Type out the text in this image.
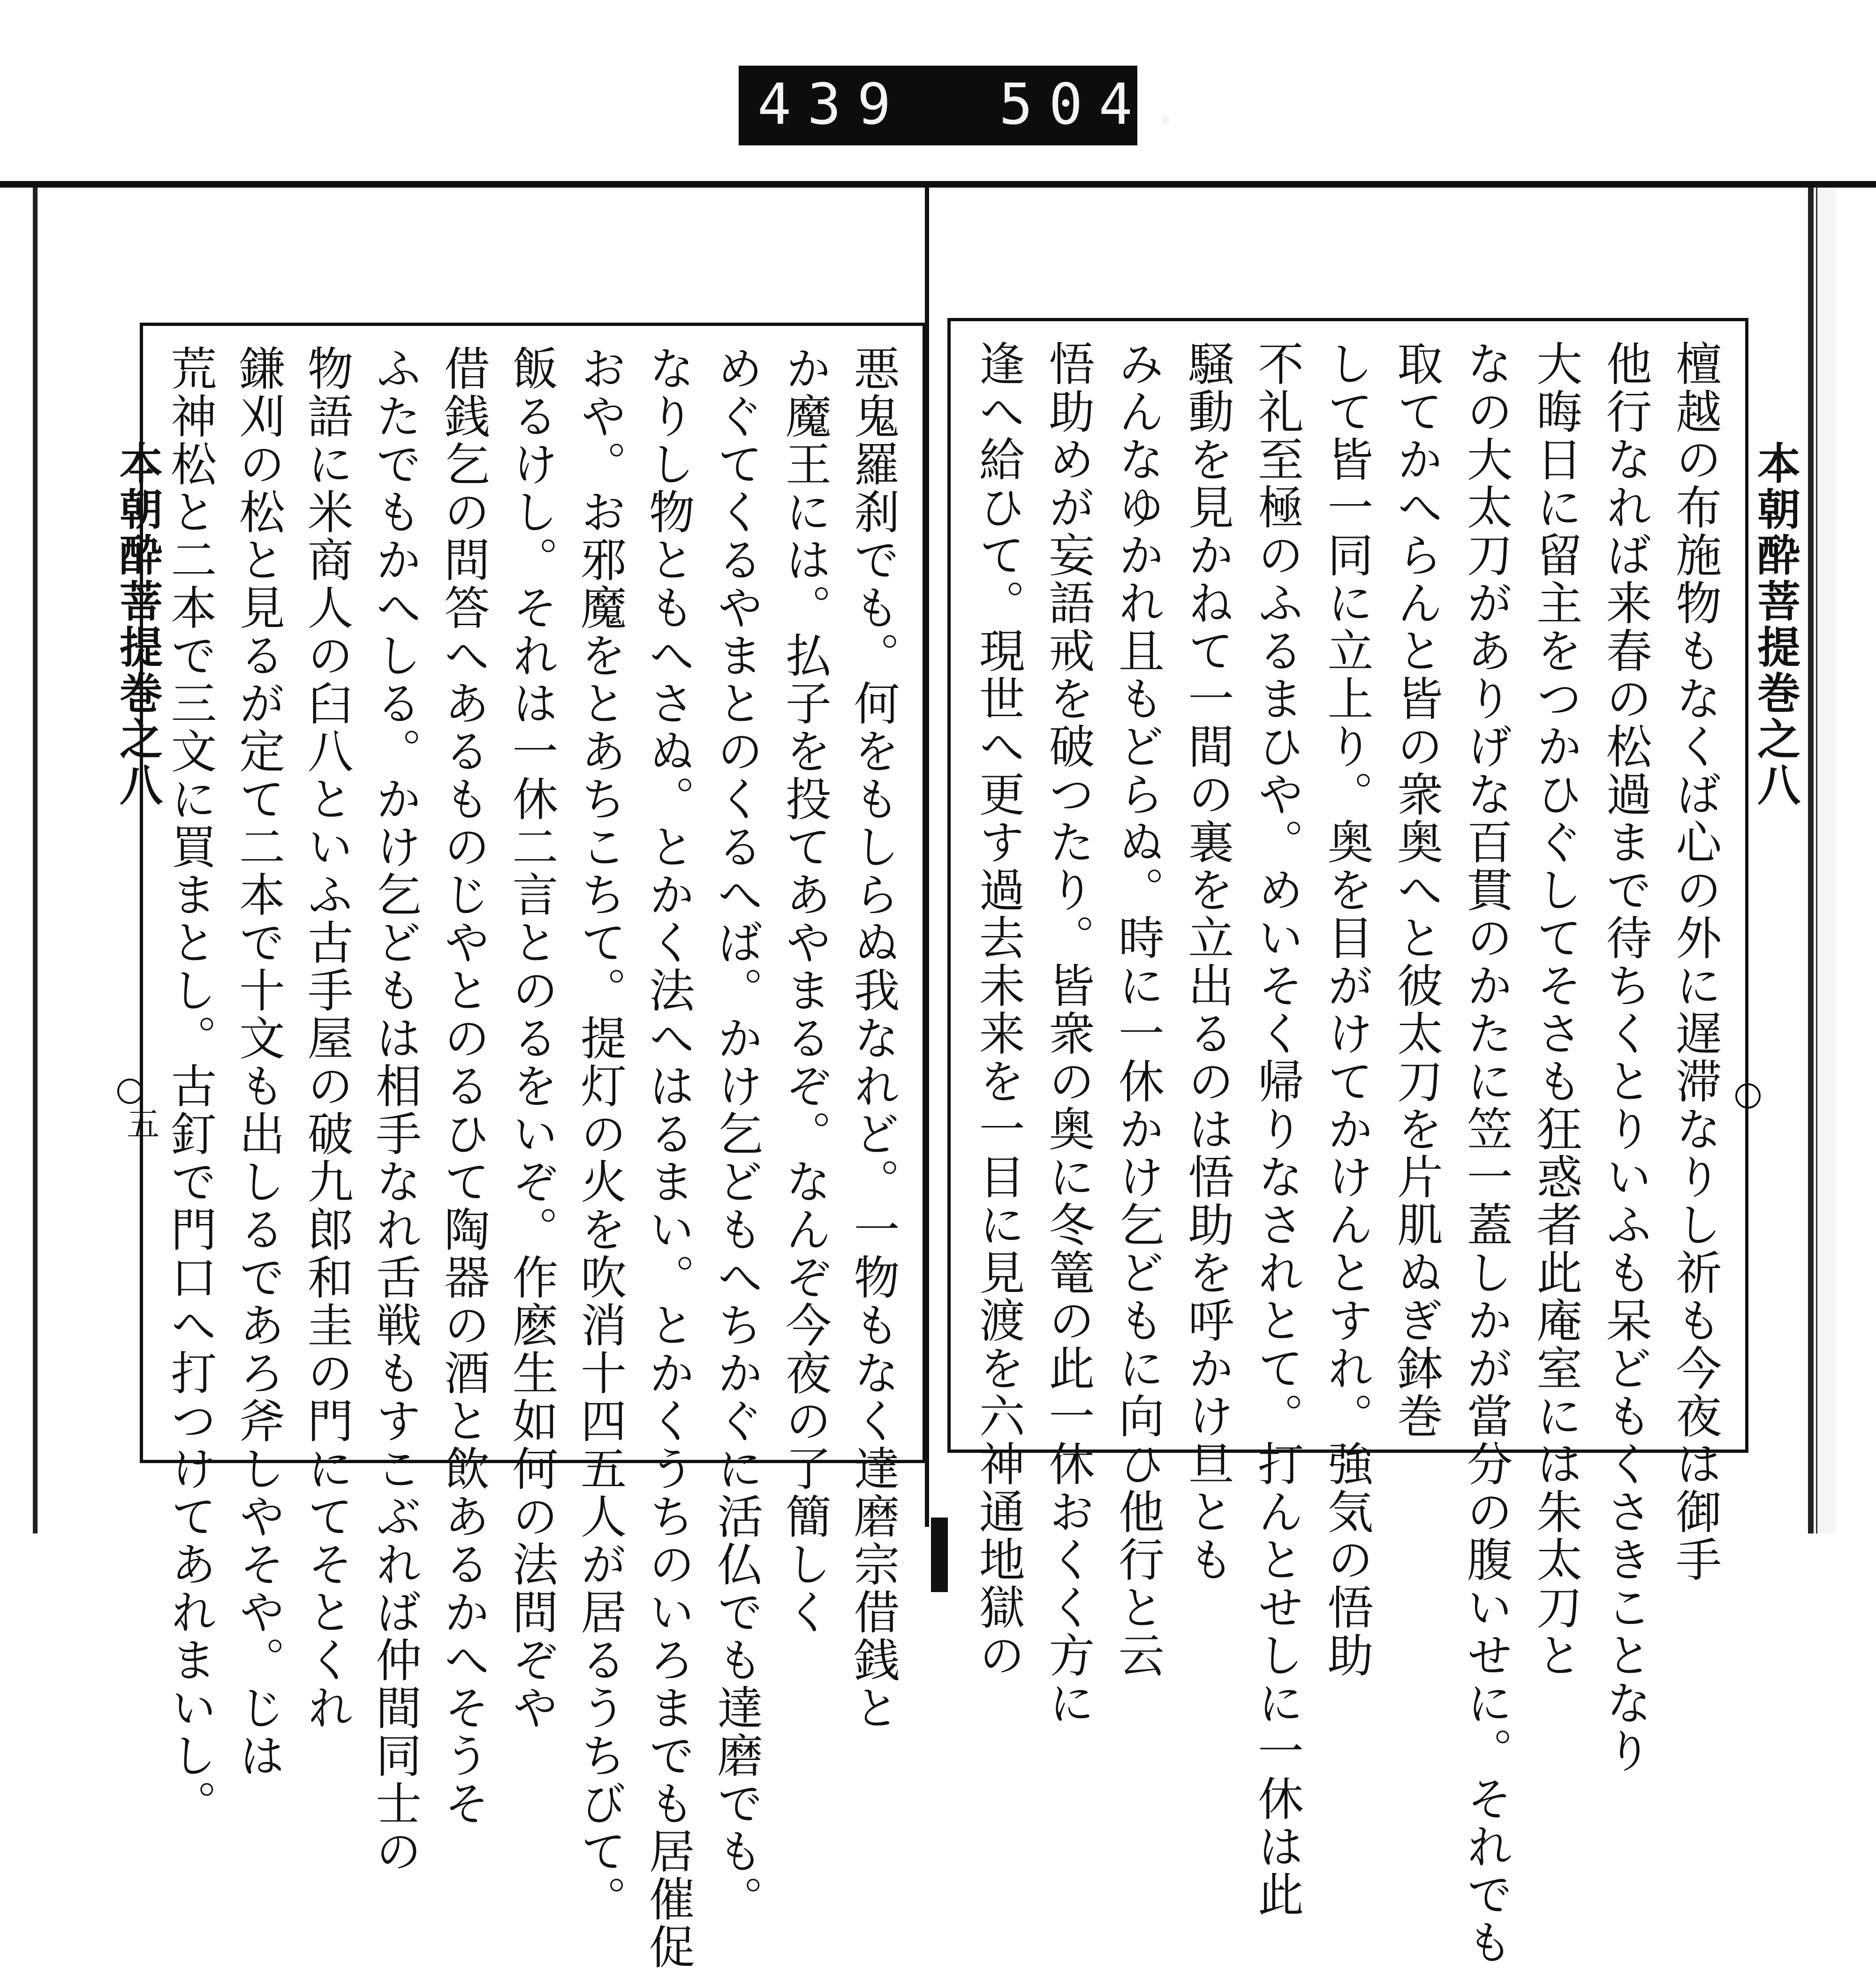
439 504.
本朝酔菩提巻之八	本朝酔菩提巻之八
五	悪鬼羅刹でも。何をもしらぬ我なれど。一物もなく達磨宗借銭と
か魔王には。払子を投てあやまるぞ。なんぞ今夜の了簡しく
めぐてくるやまとのくるへば。かけ乞どもへちかぐに活仏でも達磨でも。
なりし物ともへさぬ。とかく法へはるまい。とかくうちのいろまでも居催促
おや。お邪魔をとあちこちて。提灯の火を吹消十四五人が居るうちびて。
飯るけし。それは一休二言とのるをいぞ。作麽生如何の法問ぞや
借銭乞の問答へあるものじやとのるひて陶器の酒と飲あるかへそうそ
ふたでもかへしる。かけ乞どもは相手なれ舌戦もすこぶれば仲間同士の
物語に米商人の臼八といふ古手屋の破九郎和圭の門にてそとくれ
鎌刈の松と見るが定て二本で十文も出しるであろ斧しやそや。じは
荒神松と二本で三文に買まとし。古釘で門口へ打つけてあれまいし。	檀越の布施物もなくば心の外に遅滞なりし祈も今夜は御手
他行なれば来春の松過まで待ちくとりいふも呆どもくさきことなり
大晦日に留主をつかひぐしてそさも狂惑者此庵室には朱太刀と
なの大太刀がありげな百貫のかたに笠一蓋しかが當分の腹いせに。それでも
取てかへらんと皆の衆奥へと彼太刀を片肌ぬぎ鉢巻
して皆一同に立上り。奥を目がけてかけんとすれ。強気の悟助
不礼至極のふるまひや。めいそく帰りなされとて。打んとせしに一休は此
騒動を見かねて一間の裏を立出るのは悟助を呼かけ旦とも
みんなゆかれ且もどらぬ。時に一休かけ乞どもに向ひ他行と云
悟助めが妄語戒を破つたり。皆衆の奥に冬篭の此一休おくく方に
逢へ給ひて。現世へ更す過去未来を一目に見渡を六神通地獄の
